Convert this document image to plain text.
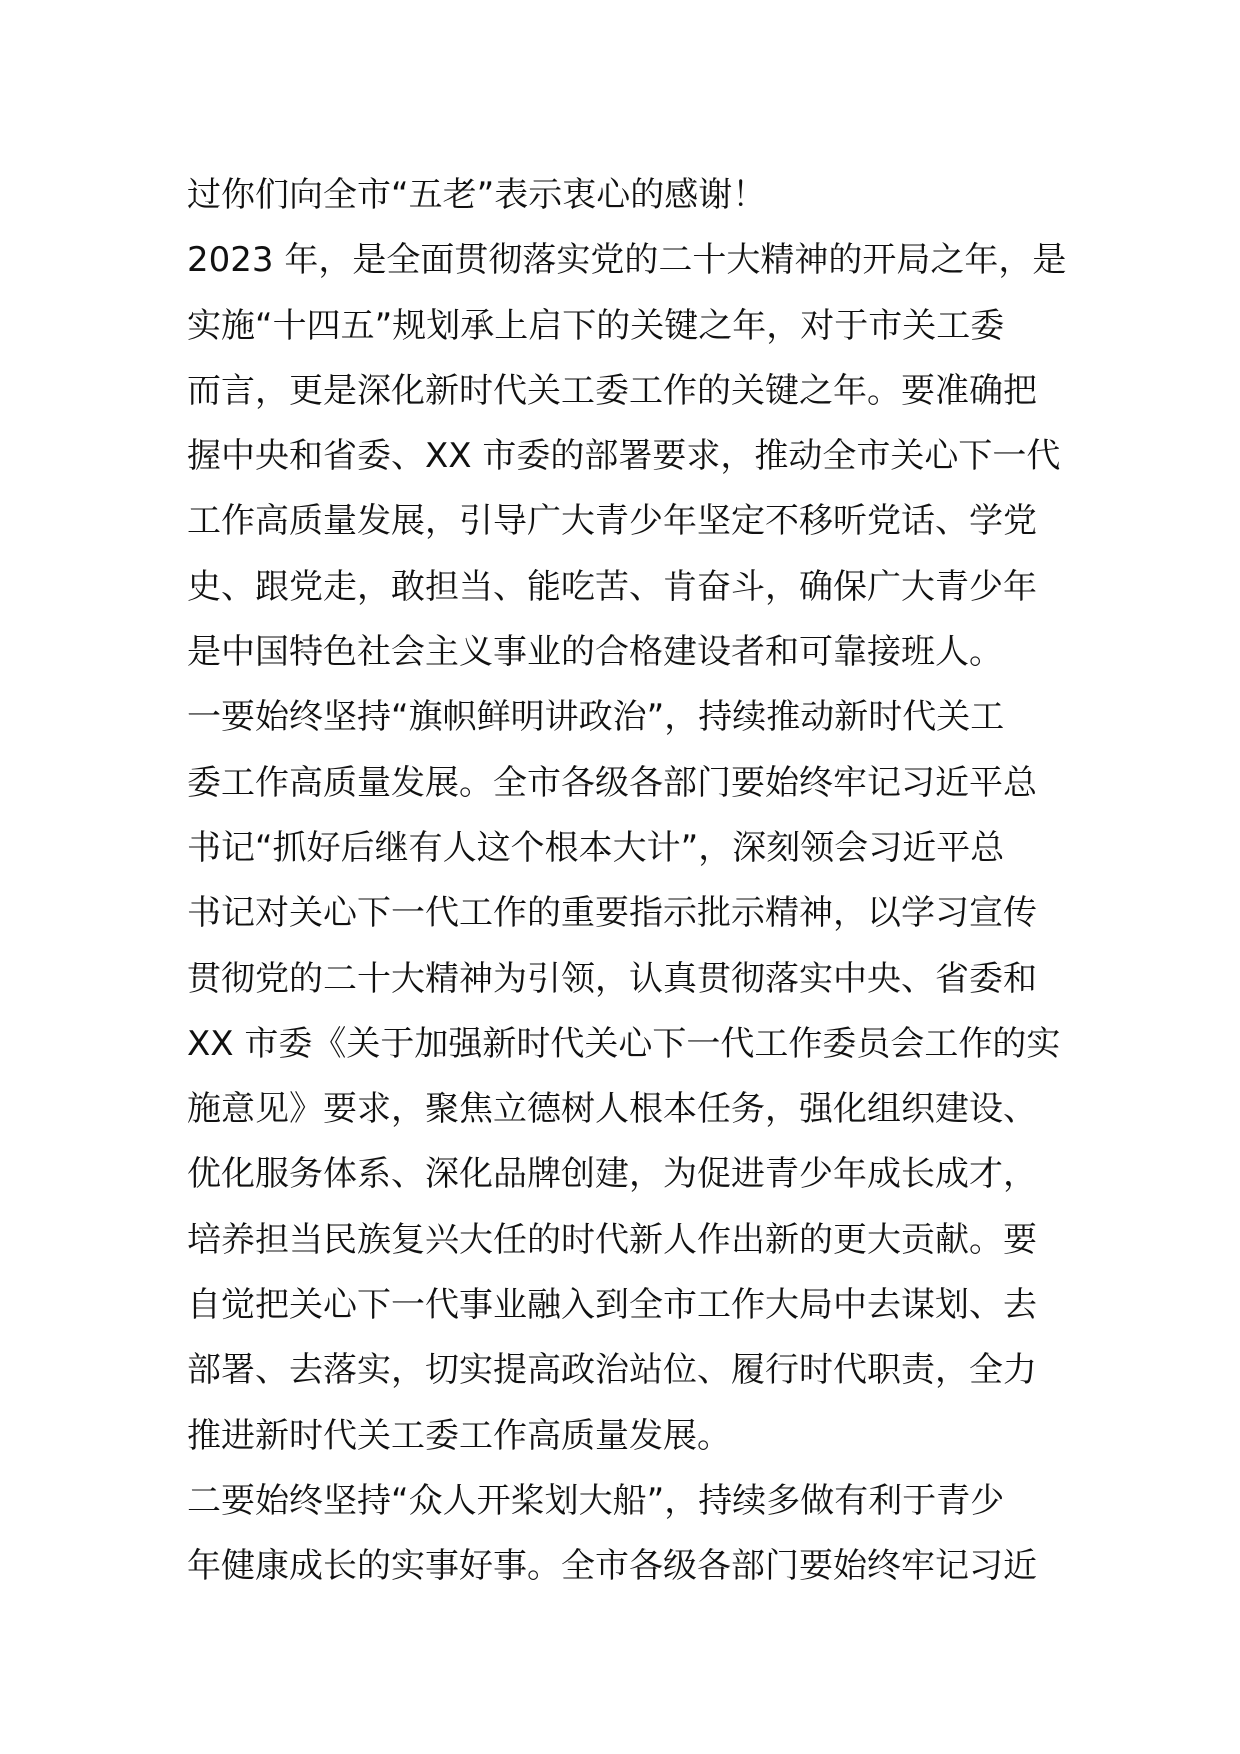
过你们向全市“五老”表示衷心的感谢！
2023 年，是全面贯彻落实党的二十大精神的开局之年，是
实施“十四五”规划承上启下的关键之年，对于市关工委
而言，更是深化新时代关工委工作的关键之年。要准确把
握中央和省委、XX 市委的部署要求，推动全市关心下一代
工作高质量发展，引导广大青少年坚定不移听党话、学党
史、跟党走，敢担当、能吃苦、肯奋斗，确保广大青少年
是中国特色社会主义事业的合格建设者和可靠接班人。
一要始终坚持“旗帜鲜明讲政治”，持续推动新时代关工
委工作高质量发展。全市各级各部门要始终牢记习近平总
书记“抓好后继有人这个根本大计”，深刻领会习近平总
书记对关心下一代工作的重要指示批示精神，以学习宣传
贯彻党的二十大精神为引领，认真贯彻落实中央、省委和
XX 市委《关于加强新时代关心下一代工作委员会工作的实
施意见》要求，聚焦立德树人根本任务，强化组织建设、
优化服务体系、深化品牌创建，为促进青少年成长成才，
培养担当民族复兴大任的时代新人作出新的更大贡献。要
自觉把关心下一代事业融入到全市工作大局中去谋划、去
部署、去落实，切实提高政治站位、履行时代职责，全力
推进新时代关工委工作高质量发展。
二要始终坚持“众人开桨划大船”，持续多做有利于青少
年健康成长的实事好事。全市各级各部门要始终牢记习近
